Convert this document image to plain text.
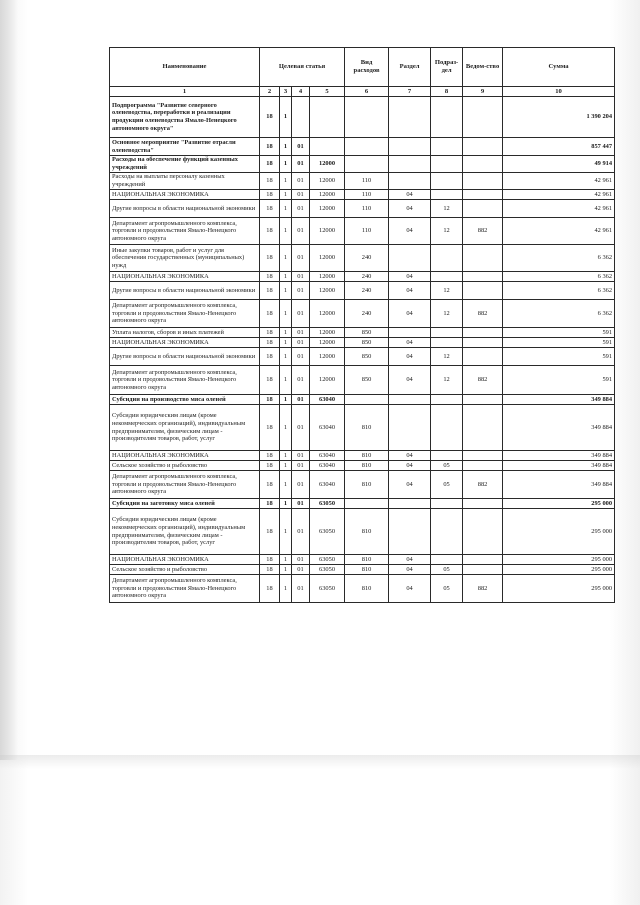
Наименование	Целевая статья				Вид расходов	Раздел	Подраз-дел	Ведом-ство	Сумма
1	2	3	4	5	6	7	8	9	10
Подпрограмма "Развитие северного оленеводства, переработки и реализации продукции оленеводства Ямало-Ненецкого автономного округа"	18	1							1 390 204
Основное мероприятие "Развитие отрасли оленеводства"	18	1	01						857 447
Расходы на обеспечение функций казенных учреждений	18	1	01	12000					49 914
Расходы на выплаты персоналу казенных учреждений	18	1	01	12000	110				42 961
НАЦИОНАЛЬНАЯ ЭКОНОМИКА	18	1	01	12000	110	04			42 961
Другие вопросы в области национальной экономики	18	1	01	12000	110	04	12		42 961
Департамент агропромышленного комплекса, торговли и продовольствия Ямало-Ненецкого автономного округа	18	1	01	12000	110	04	12	882	42 961
Иные закупки товаров, работ и услуг для обеспечения государственных (муниципальных) нужд	18	1	01	12000	240				6 362
НАЦИОНАЛЬНАЯ ЭКОНОМИКА	18	1	01	12000	240	04			6 362
Другие вопросы в области национальной экономики	18	1	01	12000	240	04	12		6 362
Департамент агропромышленного комплекса, торговли и продовольствия Ямало-Ненецкого автономного округа	18	1	01	12000	240	04	12	882	6 362
Уплата налогов, сборов и иных платежей	18	1	01	12000	850				591
НАЦИОНАЛЬНАЯ ЭКОНОМИКА	18	1	01	12000	850	04			591
Другие вопросы в области национальной экономики	18	1	01	12000	850	04	12		591
Департамент агропромышленного комплекса, торговли и продовольствия Ямало-Ненецкого автономного округа	18	1	01	12000	850	04	12	882	591
Субсидии на производство мяса оленей	18	1	01	63040					349 884
Субсидии юридическим лицам (кроме некоммерческих организаций), индивидуальным предпринимателям, физическим лицам - производителям товаров, работ, услуг	18	1	01	63040	810				349 884
НАЦИОНАЛЬНАЯ ЭКОНОМИКА	18	1	01	63040	810	04			349 884
Сельское хозяйство и рыболовство	18	1	01	63040	810	04	05		349 884
Департамент агропромышленного комплекса, торговли и продовольствия Ямало-Ненецкого автономного округа	18	1	01	63040	810	04	05	882	349 884
Субсидии на заготовку мяса оленей	18	1	01	63050					295 000
Субсидии юридическим лицам (кроме некоммерческих организаций), индивидуальным предпринимателям, физическим лицам - производителям товаров, работ, услуг	18	1	01	63050	810				295 000
НАЦИОНАЛЬНАЯ ЭКОНОМИКА	18	1	01	63050	810	04			295 000
Сельское хозяйство и рыболовство	18	1	01	63050	810	04	05		295 000
Департамент агропромышленного комплекса, торговли и продовольствия Ямало-Ненецкого автономного округа	18	1	01	63050	810	04	05	882	295 000
